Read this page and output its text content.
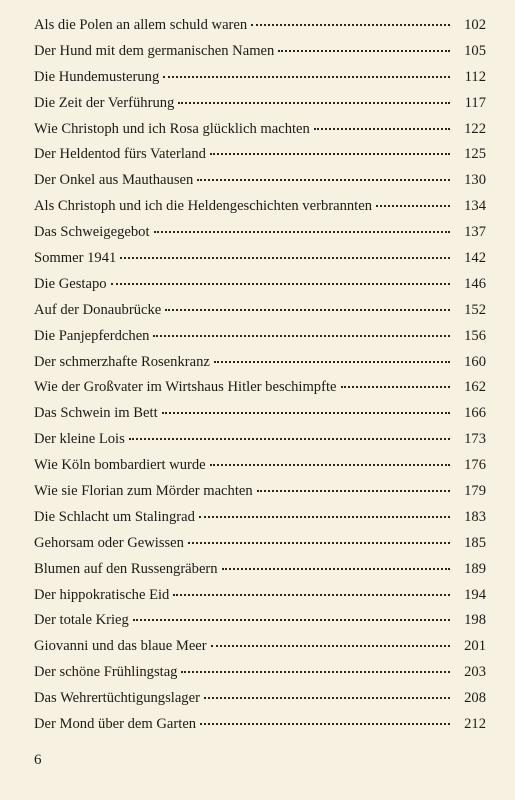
Als die Polen an allem schuld waren	102
Der Hund mit dem germanischen Namen	105
Die Hundemusterung	112
Die Zeit der Verführung	117
Wie Christoph und ich Rosa glücklich machten	122
Der Heldentod fürs Vaterland	125
Der Onkel aus Mauthausen	130
Als Christoph und ich die Heldengeschichten verbrannten	134
Das Schweigegebot	137
Sommer 1941	142
Die Gestapo	146
Auf der Donaubrücke	152
Die Panjepferdchen	156
Der schmerzhafte Rosenkranz	160
Wie der Großvater im Wirtshaus Hitler beschimpfte	162
Das Schwein im Bett	166
Der kleine Lois	173
Wie Köln bombardiert wurde	176
Wie sie Florian zum Mörder machten	179
Die Schlacht um Stalingrad	183
Gehorsam oder Gewissen	185
Blumen auf den Russengräbern	189
Der hippokratische Eid	194
Der totale Krieg	198
Giovanni und das blaue Meer	201
Der schöne Frühlingstag	203
Das Wehrertüchtigungslager	208
Der Mond über dem Garten	212
6
